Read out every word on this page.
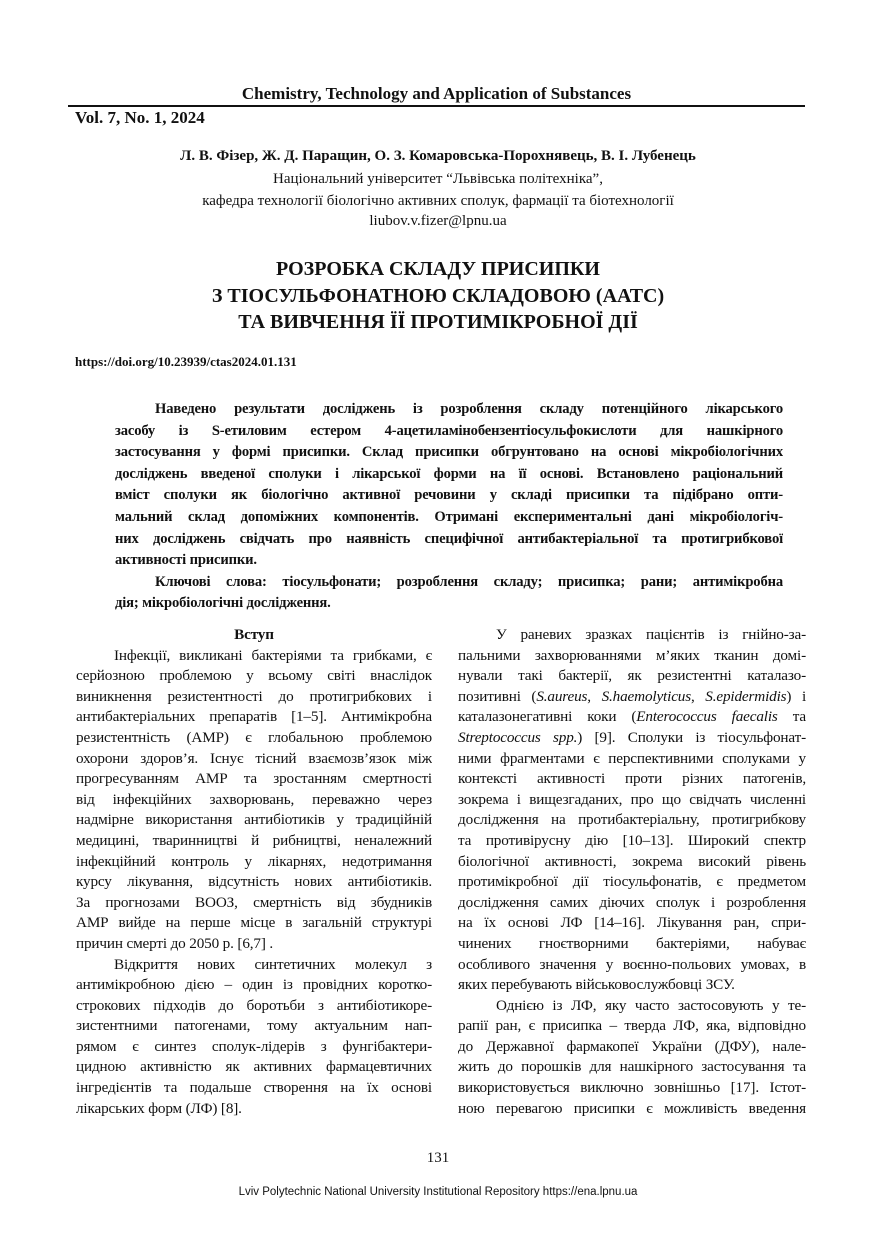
Chemistry, Technology and Application of Substances
Vol. 7, No. 1, 2024
Л. В. Фізер, Ж. Д. Паращин, О. З. Комаровська-Порохнявець, В. І. Лубенець
Національний університет “Львівська політехніка”,
кафедра технології біологічно активних сполук, фармації та біотехнології
liubov.v.fizer@lpnu.ua
РОЗРОБКА СКЛАДУ ПРИСИПКИ
З ТІОСУЛЬФОНАТНОЮ СКЛАДОВОЮ (ААТС)
ТА ВИВЧЕННЯ ЇЇ ПРОТИМІКРОБНОЇ ДІЇ
https://doi.org/10.23939/ctas2024.01.131
Наведено результати досліджень із розроблення складу потенційного лікарського
засобу із S-етиловим естером 4-ацетиламінобензентіосульфокислоти для нашкірного
застосування у формі присипки. Склад присипки обгрунтовано на основі мікробіологічних
досліджень введеної сполуки і лікарської форми на її основі. Встановлено раціональний
вміст сполуки як біологічно активної речовини у складі присипки та підібрано опти-
мальний склад допоміжних компонентів. Отримані експериментальні дані мікробіологіч-
них досліджень свідчать про наявність специфічної антибактеріальної та протигрибкової
активності присипки.
Ключові слова: тіосульфонати; розроблення складу; присипка; рани; антимікробна
дія; мікробіологічні дослідження.
Вступ
Інфекції, викликані бактеріями та грибками, є
серйозною проблемою у всьому світі внаслідок
виникнення резистентності до протигрибкових і
антибактеріальних препаратів [1–5]. Антимікробна
резистентність (АМР) є глобальною проблемою
охорони здоров’я. Існує тісний взаємозв’язок між
прогресуванням АМР та зростанням смертності
від інфекційних захворювань, переважно через
надмірне використання антибіотиків у традиційній
медицині, тваринництві й рибництві, неналежний
інфекційний контроль у лікарнях, недотримання
курсу лікування, відсутність нових антибіотиків.
За прогнозами ВООЗ, смертність від збудників
АМР вийде на перше місце в загальній структурі
причин смерті до 2050 р. [6,7] .
Відкриття нових синтетичних молекул з
антимікробною дією – один із провідних коротко-
строкових підходів до боротьби з антибіотикоре-
зистентними патогенами, тому актуальним нап-
рямом є синтез сполук-лідерів з фунгібактери-
цидною активністю як активних фармацевтичних
інгредієнтів та подальше створення на їх основі
лікарських форм (ЛФ) [8].
У раневих зразках пацієнтів із гнійно-за-
пальними захворюваннями м’яких тканин домі-
нували такі бактерії, як резистентні каталазо-
позитивні (S.aureus, S.haemolyticus, S.epidermidis) і
каталазонегативні коки (Enterococcus faecalis та
Streptococcus spp.) [9]. Сполуки із тіосульфонат-
ними фрагментами є перспективними сполуками у
контексті активності проти різних патогенів,
зокрема і вищезгаданих, про що свідчать численні
дослідження на протибактеріальну, протигрибкову
та противірусну дію [10–13]. Широкий спектр
біологічної активності, зокрема високий рівень
протимікробної дії тіосульфонатів, є предметом
дослідження самих діючих сполук і розроблення
на їх основі ЛФ [14–16]. Лікування ран, спри-
чинених гноєтворними бактеріями, набуває
особливого значення у воєнно-польових умовах, в
яких перебувають військовослужбовці ЗСУ.
Однією із ЛФ, яку часто застосовують у те-
рапії ран, є присипка – тверда ЛФ, яка, відповідно
до Державної фармакопеї України (ДФУ), нале-
жить до порошків для нашкірного застосування та
використовується виключно зовнішньо [17]. Істот-
ною перевагою присипки є можливість введення
131
Lviv Polytechnic National University Institutional Repository https://ena.lpnu.ua
